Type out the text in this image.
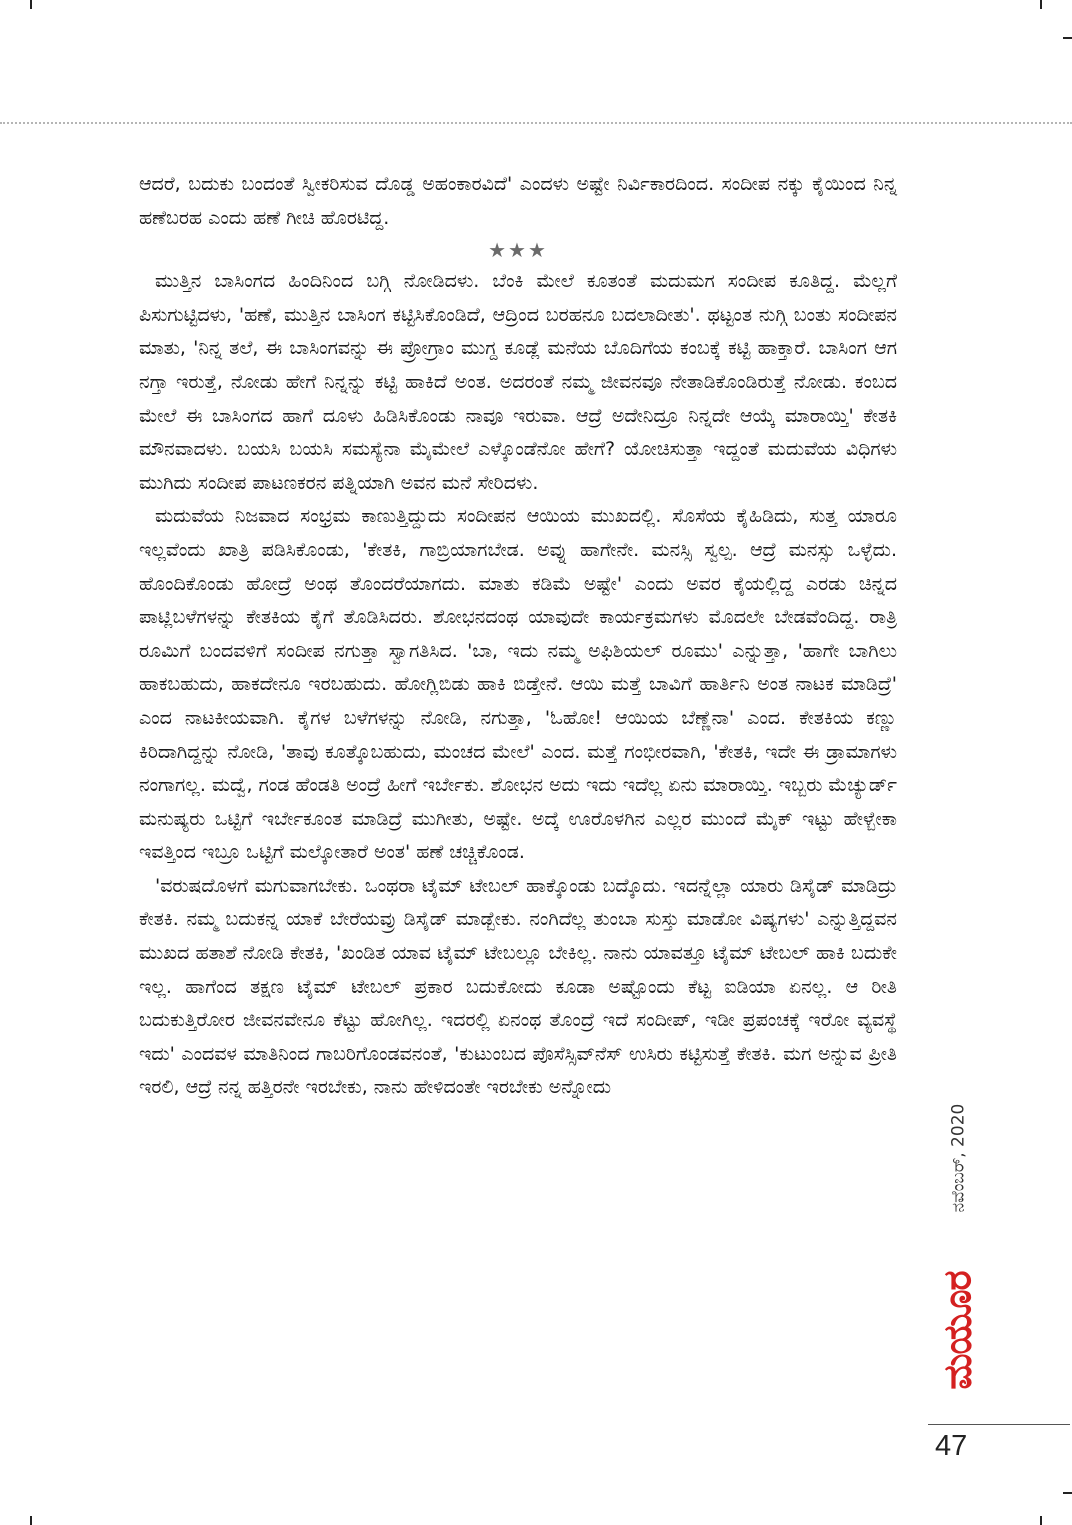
ಆದರೆ, ಬದುಕು ಬಂದಂತೆ ಸ್ವೀಕರಿಸುವ ದೊಡ್ಡ ಅಹಂಕಾರವಿದೆ' ಎಂದಳು ಅಷ್ಟೇ ನಿರ್ವಿಕಾರದಿಂದ. ಸಂದೀಪ ನಕ್ಕು ಕೈಯಿಂದ ನಿನ್ನ ಹಣೆಬರಹ ಎಂದು ಹಣೆ ಗೀಚಿ ಹೊರಟಿದ್ದ.

★★★

ಮುತ್ತಿನ ಬಾಸಿಂಗದ ಹಿಂದಿನಿಂದ ಬಗ್ಗಿ ನೋಡಿದಳು. ಬೆಂಕಿ ಮೇಲೆ ಕೂತಂತೆ ಮದುಮಗ ಸಂದೀಪ ಕೂತಿದ್ದ. ಮೆಲ್ಲಗೆ ಪಿಸುಗುಟ್ಟಿದಳು, 'ಹಣೆ, ಮುತ್ತಿನ ಬಾಸಿಂಗ ಕಟ್ಟಿಸಿಕೊಂಡಿದೆ, ಆದ್ರಿಂದ ಬರಹನೂ ಬದಲಾದೀತು'. ಥಟ್ಟಂತ ನುಗ್ಗಿ ಬಂತು ಸಂದೀಪನ ಮಾತು, 'ನಿನ್ನ ತಲೆ, ಈ ಬಾಸಿಂಗವನ್ನು ಈ ಪ್ರೋಗ್ರಾಂ ಮುಗ್ದ ಕೂಡ್ಲೆ ಮನೆಯ ಬೊದಿಗೆಯ ಕಂಬಕ್ಕೆ ಕಟ್ಟಿ ಹಾಕ್ತಾರೆ. ಬಾಸಿಂಗ ಆಗ ನಗ್ತಾ ಇರುತ್ತೆ, ನೋಡು ಹೇಗೆ ನಿನ್ನನ್ನು ಕಟ್ಟಿ ಹಾಕಿದೆ ಅಂತ. ಅದರಂತೆ ನಮ್ಮ ಜೀವನವೂ ನೇತಾಡಿಕೊಂಡಿರುತ್ತೆ ನೋಡು. ಕಂಬದ ಮೇಲೆ ಈ ಬಾಸಿಂಗದ ಹಾಗೆ ದೂಳು ಹಿಡಿಸಿಕೊಂಡು ನಾವೂ ಇರುವಾ. ಆದ್ರೆ ಅದೇನಿದ್ರೂ ನಿನ್ನದೇ ಆಯ್ಕೆ ಮಾರಾಯ್ತಿ' ಕೇತಕಿ ಮೌನವಾದಳು. ಬಯಸಿ ಬಯಸಿ ಸಮಸ್ಯೆನಾ ಮೈಮೇಲೆ ಎಳ್ಕೊಂಡೆನೋ ಹೇಗೆ? ಯೋಚಿಸುತ್ತಾ ಇದ್ದಂತೆ ಮದುವೆಯ ವಿಧಿಗಳು ಮುಗಿದು ಸಂದೀಪ ಪಾಟಣಕರನ ಪತ್ನಿಯಾಗಿ ಅವನ ಮನೆ ಸೇರಿದಳು.

ಮದುವೆಯ ನಿಜವಾದ ಸಂಭ್ರಮ ಕಾಣುತ್ತಿದ್ದುದು ಸಂದೀಪನ ಆಯಿಯ ಮುಖದಲ್ಲಿ. ಸೊಸೆಯ ಕೈಹಿಡಿದು, ಸುತ್ತ ಯಾರೂ ಇಲ್ಲವೆಂದು ಖಾತ್ರಿ ಪಡಿಸಿಕೊಂಡು, 'ಕೇತಕಿ, ಗಾಬ್ರಿಯಾಗಬೇಡ. ಅವ್ನು ಹಾಗೇನೇ. ಮನಸ್ಸಿ ಸ್ವಲ್ಪ. ಆದ್ರೆ ಮನಸ್ಸು ಒಳ್ಳೆದು. ಹೊಂದಿಕೊಂಡು ಹೋದ್ರೆ ಅಂಥ ತೊಂದರೆಯಾಗದು. ಮಾತು ಕಡಿಮೆ ಅಷ್ಟೇ' ಎಂದು ಅವರ ಕೈಯಲ್ಲಿದ್ದ ಎರಡು ಚಿನ್ನದ ಪಾಟ್ಲಿಬಳೆಗಳನ್ನು ಕೇತಕಿಯ ಕೈಗೆ ತೊಡಿಸಿದರು. ಶೋಭನದಂಥ ಯಾವುದೇ ಕಾರ್ಯಕ್ರಮಗಳು ಮೊದಲೇ ಬೇಡವೆಂದಿದ್ದ. ರಾತ್ರಿ ರೂಮಿಗೆ ಬಂದವಳಿಗೆ ಸಂದೀಪ ನಗುತ್ತಾ ಸ್ವಾಗತಿಸಿದ. 'ಬಾ, ಇದು ನಮ್ಮ ಅಫಿಶಿಯಲ್ ರೂಮು' ಎನ್ನುತ್ತಾ, 'ಹಾಗೇ ಬಾಗಿಲು ಹಾಕಬಹುದು, ಹಾಕದೇನೂ ಇರಬಹುದು. ಹೋಗ್ಲಿಬಿಡು ಹಾಕಿ ಬಿಡ್ತೇನೆ. ಆಯಿ ಮತ್ತೆ ಬಾವಿಗೆ ಹಾರ್ತಿನಿ ಅಂತ ನಾಟಕ ಮಾಡಿದ್ರೆ' ಎಂದ ನಾಟಕೀಯವಾಗಿ. ಕೈಗಳ ಬಳೆಗಳನ್ನು ನೋಡಿ, ನಗುತ್ತಾ, 'ಓಹೋ! ಆಯಿಯ ಬೆಣ್ಣೆನಾ' ಎಂದ. ಕೇತಕಿಯ ಕಣ್ಣು ಕಿರಿದಾಗಿದ್ದನ್ನು ನೋಡಿ, 'ತಾವು ಕೂತ್ಕೊಬಹುದು, ಮಂಚದ ಮೇಲೆ' ಎಂದ. ಮತ್ತೆ ಗಂಭೀರವಾಗಿ, 'ಕೇತಕಿ, ಇದೇ ಈ ಡ್ರಾಮಾಗಳು ನಂಗಾಗಲ್ಲ. ಮದ್ವೆ, ಗಂಡ ಹೆಂಡತಿ ಅಂದ್ರೆ ಹೀಗೆ ಇರ್ಬೇಕು. ಶೋಭನ ಅದು ಇದು ಇದೆಲ್ಲ ಏನು ಮಾರಾಯ್ತಿ. ಇಬ್ಬರು ಮೆಚ್ಯುರ್ಡ್ ಮನುಷ್ಯರು ಒಟ್ಟಿಗೆ ಇರ್ಬೇಕೂಂತ ಮಾಡಿದ್ರೆ ಮುಗೀತು, ಅಷ್ಟೇ. ಅದ್ಕೆ ಊರೊಳಗಿನ ಎಲ್ಲರ ಮುಂದೆ ಮೈಕ್ ಇಟ್ಟು ಹೇಳ್ಬೇಕಾ ಇವತ್ತಿಂದ ಇಬ್ರೂ ಒಟ್ಟಿಗೆ ಮಲ್ಕೋತಾರೆ ಅಂತ' ಹಣೆ ಚಚ್ಚಿಕೊಂಡ.

'ವರುಷದೊಳಗೆ ಮಗುವಾಗಬೇಕು. ಒಂಥರಾ ಟೈಮ್ ಟೇಬಲ್ ಹಾಕ್ಕೊಂಡು ಬದ್ಕೊದು. ಇದನ್ನೆಲ್ಲಾ ಯಾರು ಡಿಸೈಡ್ ಮಾಡಿದ್ರು ಕೇತಕಿ. ನಮ್ಮ ಬದುಕನ್ನ ಯಾಕೆ ಬೇರೆಯವ್ರು ಡಿಸೈಡ್ ಮಾಡ್ಬೇಕು. ನಂಗಿದೆಲ್ಲ ತುಂಬಾ ಸುಸ್ತು ಮಾಡೋ ವಿಷ್ಯಗಳು' ಎನ್ನುತ್ತಿದ್ದವನ ಮುಖದ ಹತಾಶೆ ನೋಡಿ ಕೇತಕಿ, 'ಖಂಡಿತ ಯಾವ ಟೈಮ್ ಟೇಬಲ್ಲೂ ಬೇಕಿಲ್ಲ. ನಾನು ಯಾವತ್ತೂ ಟೈಮ್ ಟೇಬಲ್ ಹಾಕಿ ಬದುಕೇ ಇಲ್ಲ. ಹಾಗೆಂದ ತಕ್ಷಣ ಟೈಮ್ ಟೇಬಲ್ ಪ್ರಕಾರ ಬದುಕೋದು ಕೂಡಾ ಅಷ್ಟೊಂದು ಕೆಟ್ಟ ಐಡಿಯಾ ಏನಲ್ಲ. ಆ ರೀತಿ ಬದುಕುತ್ತಿರೋರ ಜೀವನವೇನೂ ಕೆಟ್ಟು ಹೋಗಿಲ್ಲ. ಇದರಲ್ಲಿ ಏನಂಥ ತೊಂದ್ರೆ ಇದೆ ಸಂದೀಪ್, ಇಡೀ ಪ್ರಪಂಚಕ್ಕೆ ಇರೋ ವ್ಯವಸ್ಥೆ ಇದು' ಎಂದವಳ ಮಾತಿನಿಂದ ಗಾಬರಿಗೊಂಡವನಂತೆ, 'ಕುಟುಂಬದ ಪೊಸೆಸ್ಸಿವ್‌ನೆಸ್ ಉಸಿರು ಕಟ್ಟಿಸುತ್ತೆ ಕೇತಕಿ. ಮಗ ಅನ್ನುವ ಪ್ರೀತಿ ಇರಲಿ, ಆದ್ರೆ ನನ್ನ ಹತ್ತಿರನೇ ಇರಬೇಕು, ನಾನು ಹೇಳಿದಂತೇ ಇರಬೇಕು ಅನ್ನೋದು

ನವೆಂಬರ್, 2020
ಮಯೂರ
47
